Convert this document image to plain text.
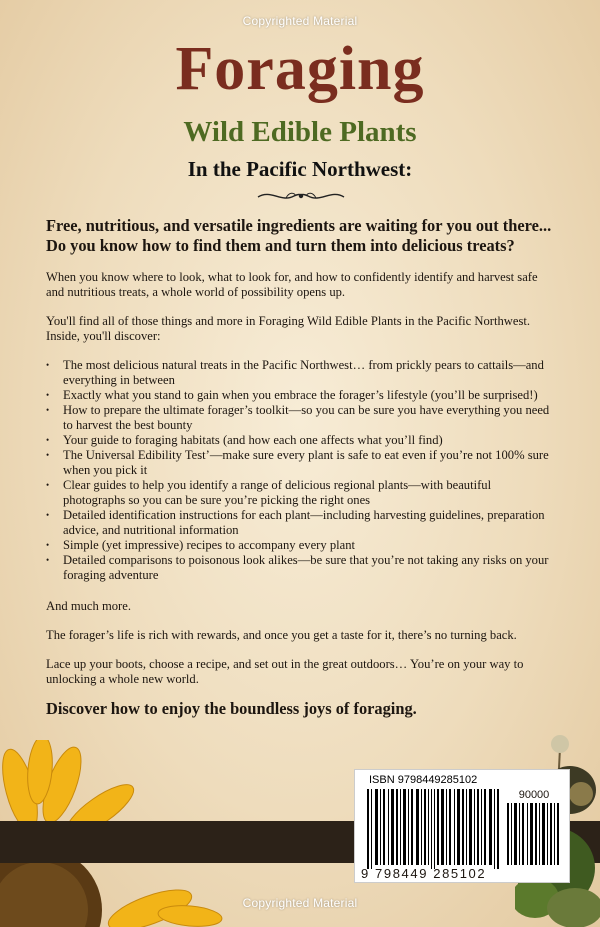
Copyrighted Material
Foraging
Wild Edible Plants
In the Pacific Northwest:

Free, nutritious, and versatile ingredients are waiting for you out there... Do you know how to find them and turn them into delicious treats?

When you know where to look, what to look for, and how to confidently identify and harvest safe and nutritious treats, a whole world of possibility opens up.

You'll find all of those things and more in Foraging Wild Edible Plants in the Pacific Northwest. Inside, you'll discover:

• The most delicious natural treats in the Pacific Northwest… from prickly pears to cattails—and everything in between
• Exactly what you stand to gain when you embrace the forager’s lifestyle (you’ll be surprised!)
• How to prepare the ultimate forager’s toolkit—so you can be sure you have everything you need to harvest the best bounty
• Your guide to foraging habitats (and how each one affects what you’ll find)
• The Universal Edibility Test’—make sure every plant is safe to eat even if you’re not 100% sure when you pick it
• Clear guides to help you identify a range of delicious regional plants—with beautiful photographs so you can be sure you’re picking the right ones
• Detailed identification instructions for each plant—including harvesting guidelines, preparation advice, and nutritional information
• Simple (yet impressive) recipes to accompany every plant
• Detailed comparisons to poisonous look alikes—be sure that you’re not taking any risks on your foraging adventure

And much more.

The forager’s life is rich with rewards, and once you get a taste for it, there’s no turning back.

Lace up your boots, choose a recipe, and set out in the great outdoors… You’re on your way to unlocking a whole new world.

Discover how to enjoy the boundless joys of foraging.

ISBN 9798449285102
90000
9 798449 285102
Copyrighted Material
